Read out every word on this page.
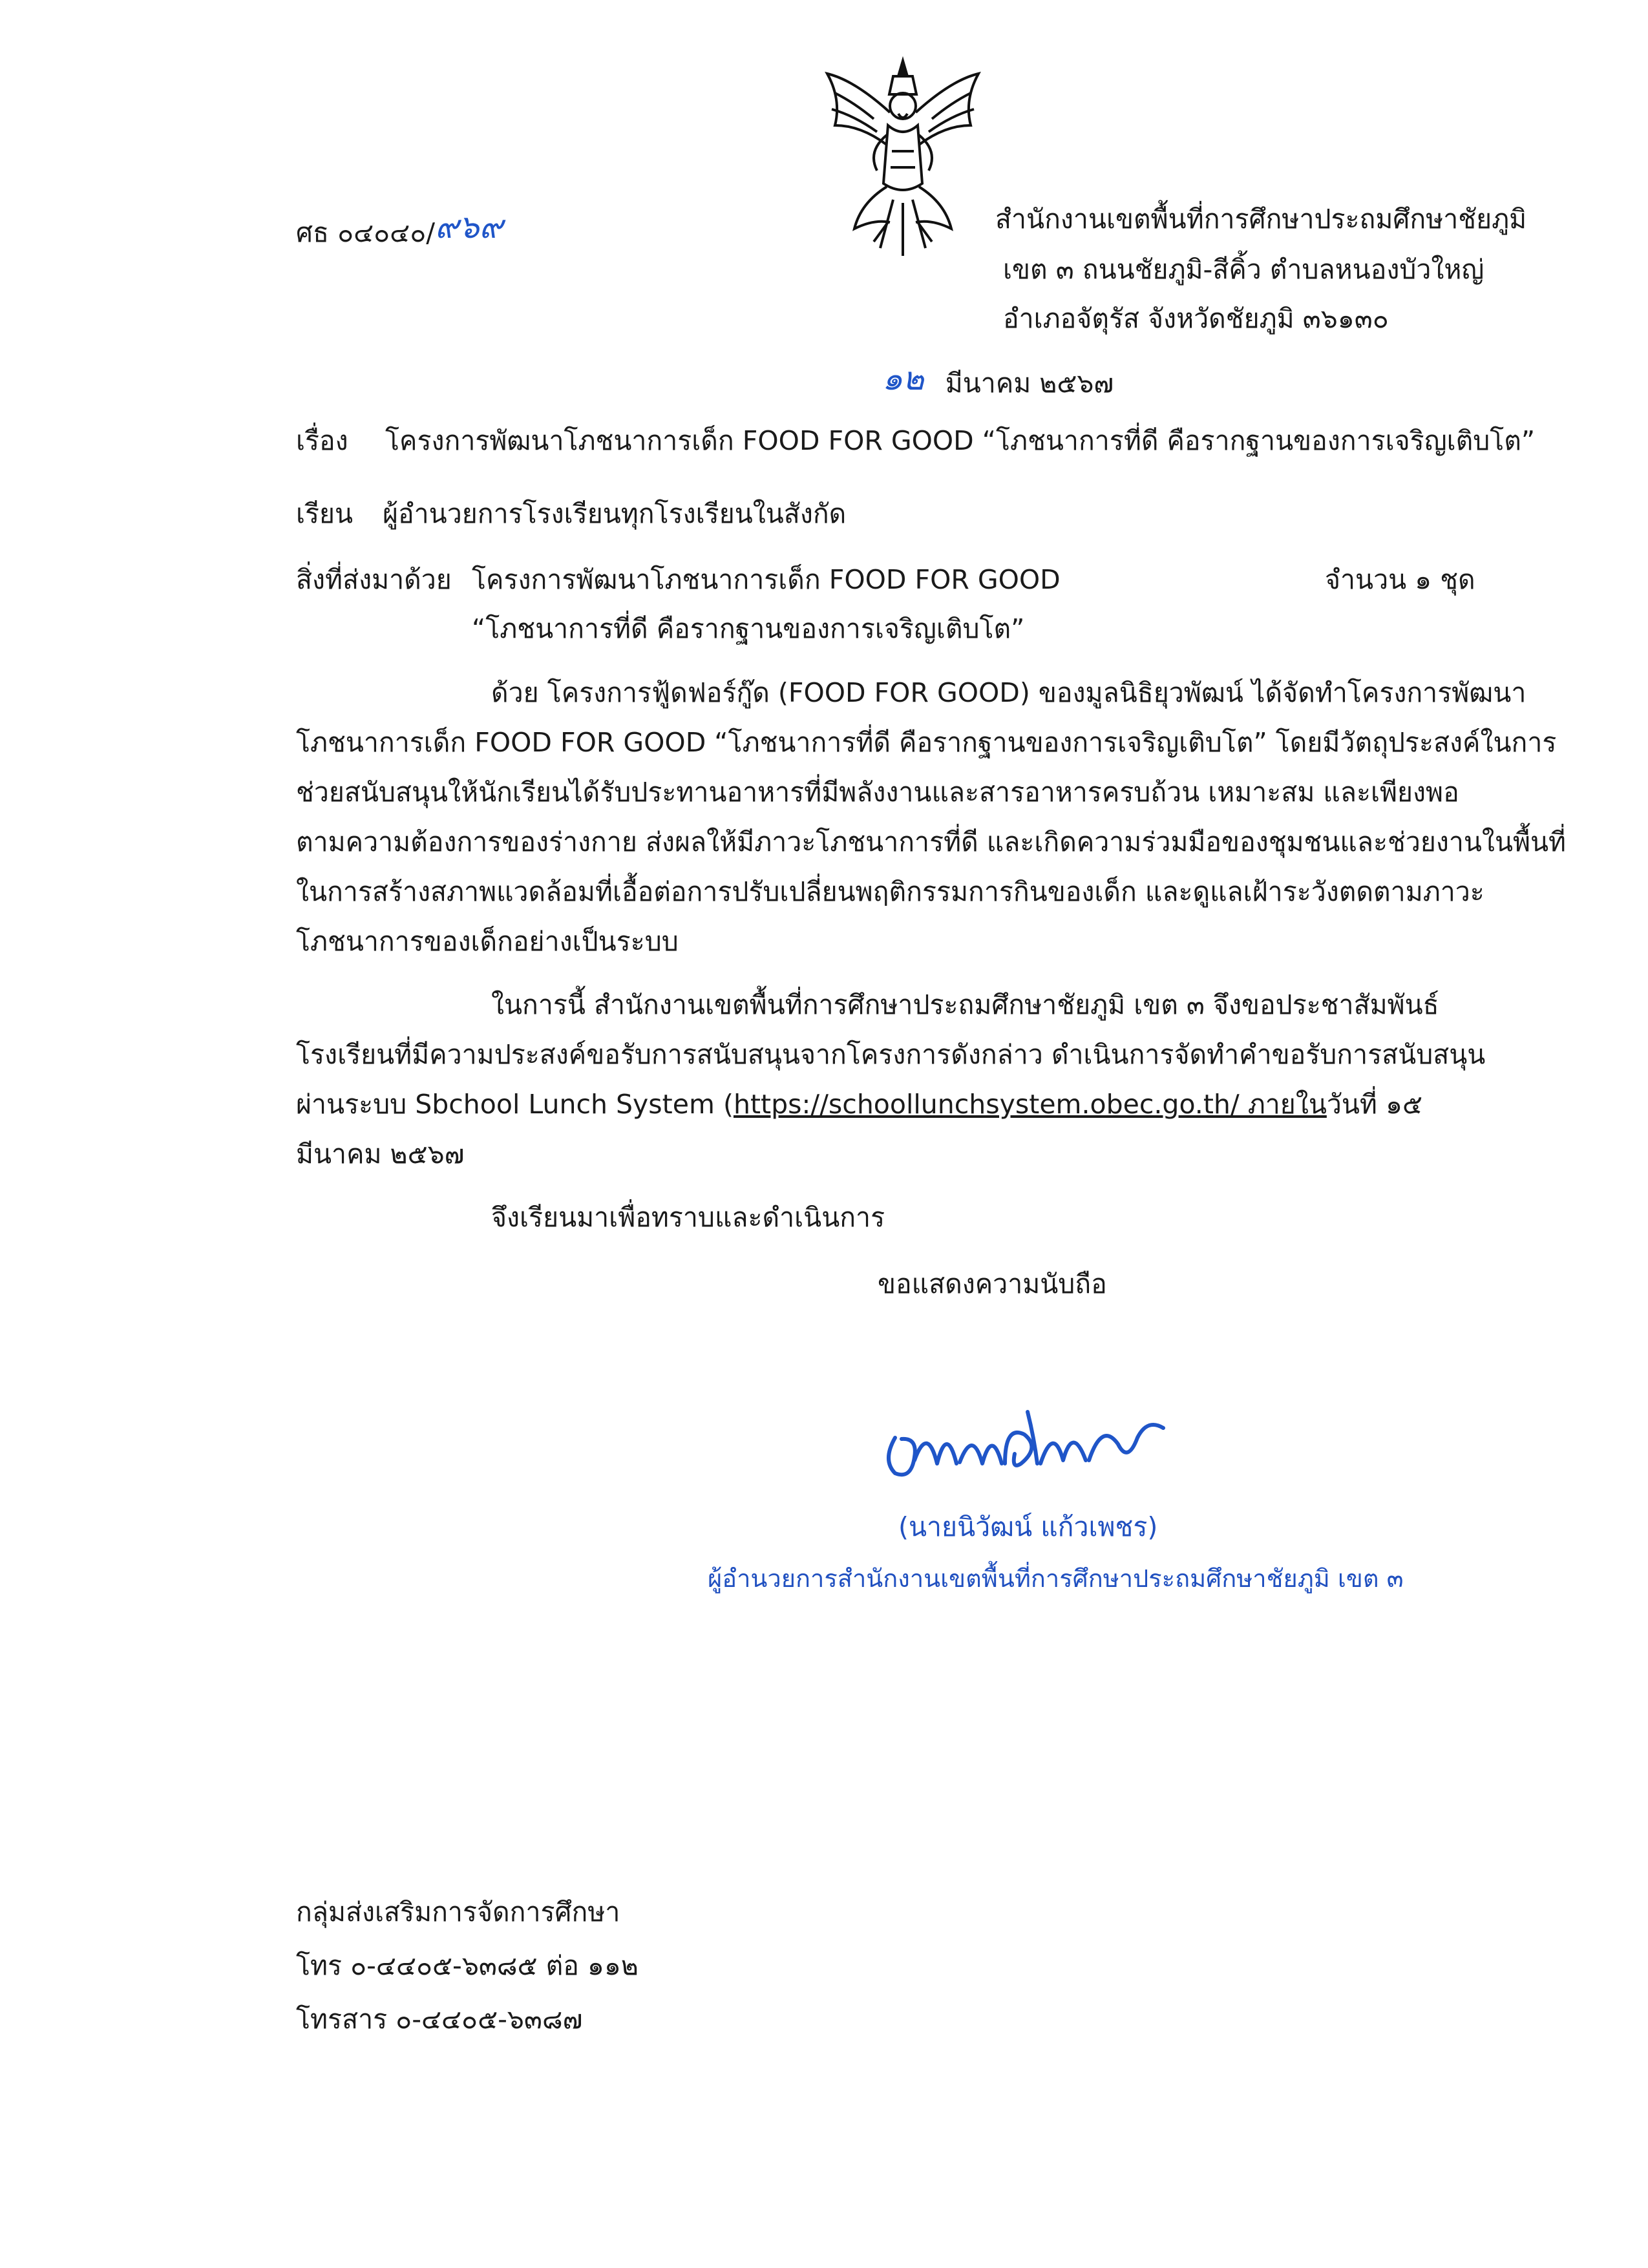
ศธ ๐๔๐๔๐/๙๖๙	สำนักงานเขตพื้นที่การศึกษาประถมศึกษาชัยภูมิ
เขต ๓ ถนนชัยภูมิ-สีคิ้ว ตำบลหนองบัวใหญ่
อำเภอจัตุรัส จังหวัดชัยภูมิ ๓๖๑๓๐
๑๒ มีนาคม ๒๕๖๗
เรื่อง โครงการพัฒนาโภชนาการเด็ก FOOD FOR GOOD “โภชนาการที่ดี คือรากฐานของการเจริญเติบโต”
เรียน ผู้อำนวยการโรงเรียนทุกโรงเรียนในสังกัด
สิ่งที่ส่งมาด้วย โครงการพัฒนาโภชนาการเด็ก FOOD FOR GOOD	จำนวน ๑ ชุด
“โภชนาการที่ดี คือรากฐานของการเจริญเติบโต”
ด้วย โครงการฟู้ดฟอร์กู๊ด (FOOD FOR GOOD) ของมูลนิธิยุวพัฒน์ ได้จัดทำโครงการพัฒนา
โภชนาการเด็ก FOOD FOR GOOD “โภชนาการที่ดี คือรากฐานของการเจริญเติบโต” โดยมีวัตถุประสงค์ในการ
ช่วยสนับสนุนให้นักเรียนได้รับประทานอาหารที่มีพลังงานและสารอาหารครบถ้วน เหมาะสม และเพียงพอ
ตามความต้องการของร่างกาย ส่งผลให้มีภาวะโภชนาการที่ดี และเกิดความร่วมมือของชุมชนและช่วยงานในพื้นที่
ในการสร้างสภาพแวดล้อมที่เอื้อต่อการปรับเปลี่ยนพฤติกรรมการกินของเด็ก และดูแลเฝ้าระวังตดตามภาวะ
โภชนาการของเด็กอย่างเป็นระบบ
ในการนี้ สำนักงานเขตพื้นที่การศึกษาประถมศึกษาชัยภูมิ เขต ๓ จึงขอประชาสัมพันธ์
โรงเรียนที่มีความประสงค์ขอรับการสนับสนุนจากโครงการดังกล่าว ดำเนินการจัดทำคำขอรับการสนับสนุน
ผ่านระบบ Sbchool Lunch System (https://schoollunchsystem.obec.go.th/ ภายในวันที่ ๑๕
มีนาคม ๒๕๖๗
จึงเรียนมาเพื่อทราบและดำเนินการ
ขอแสดงความนับถือ
(นายนิวัฒน์ แก้วเพชร)
ผู้อำนวยการสำนักงานเขตพื้นที่การศึกษาประถมศึกษาชัยภูมิ เขต ๓
กลุ่มส่งเสริมการจัดการศึกษา
โทร ๐-๔๔๐๕-๖๓๘๕ ต่อ ๑๑๒
โทรสาร ๐-๔๔๐๕-๖๓๘๗
